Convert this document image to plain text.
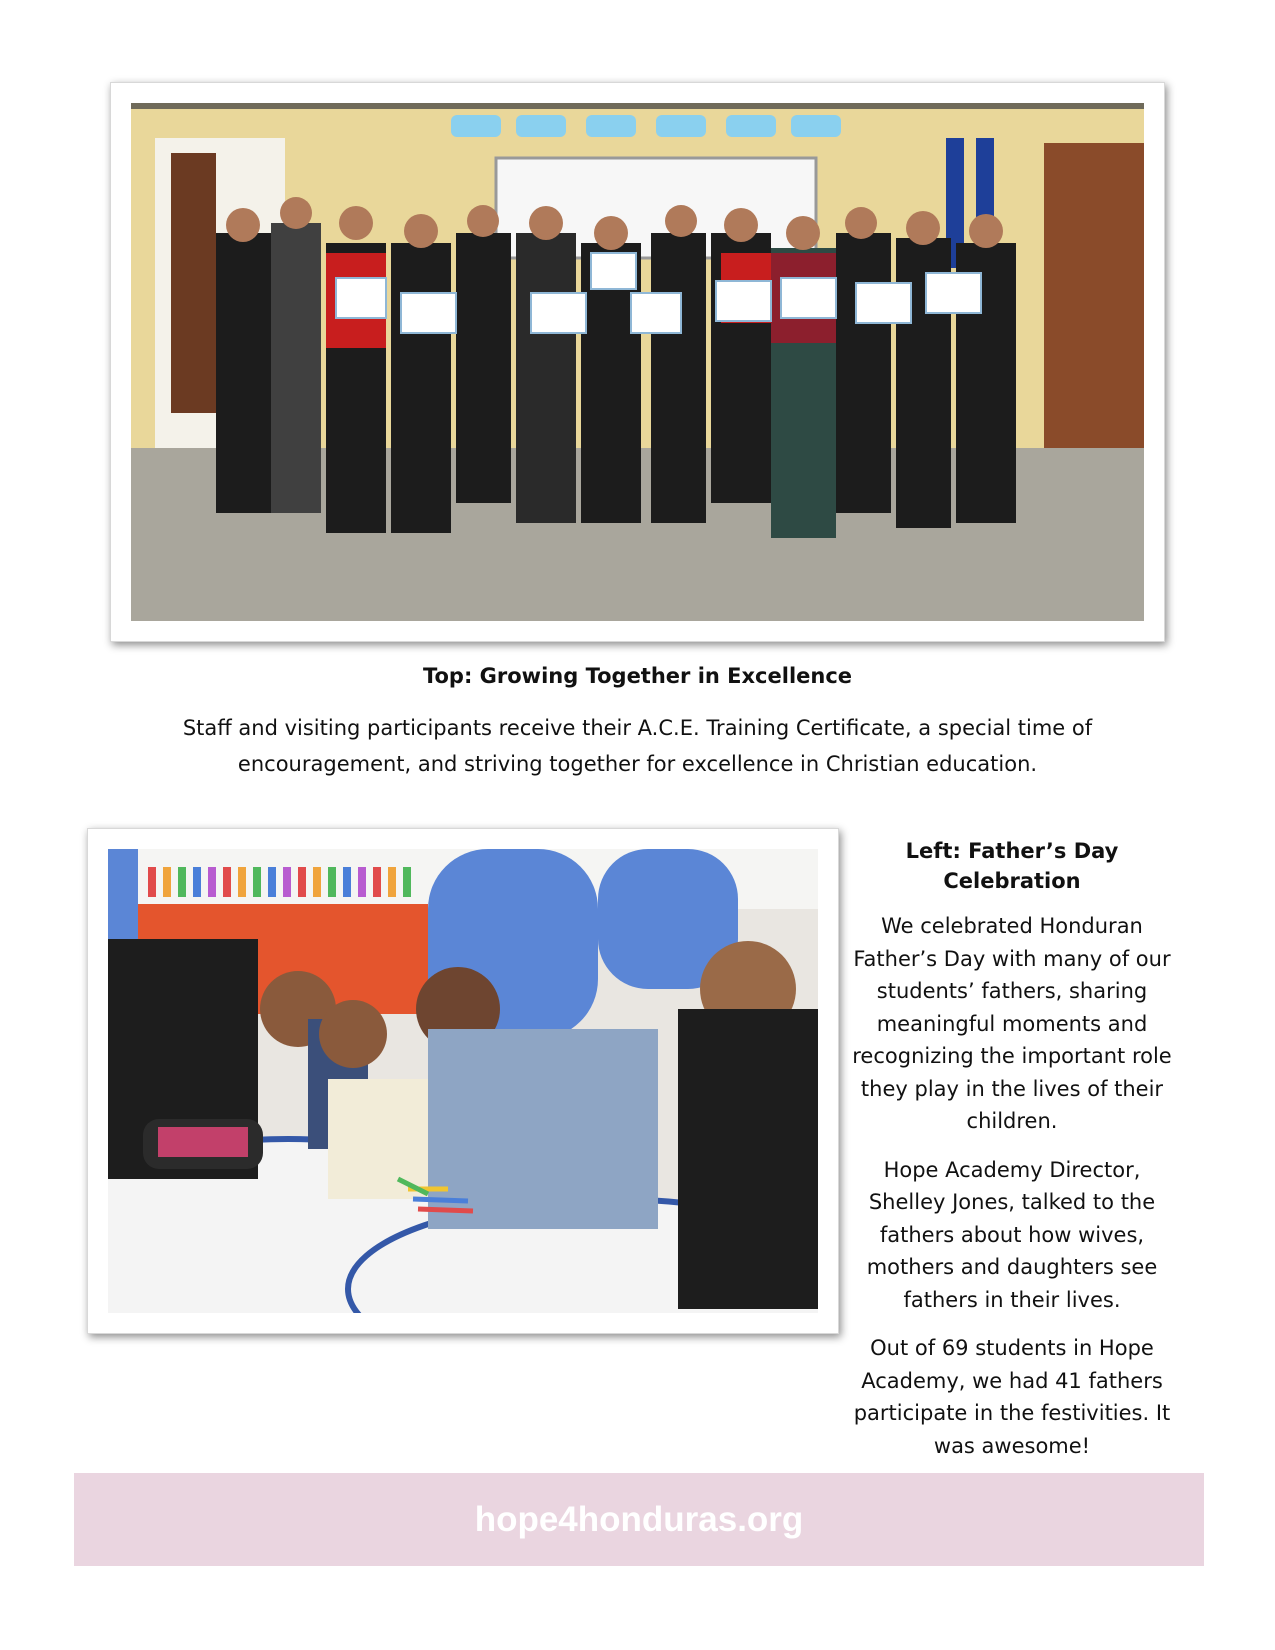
Top: Growing Together in Excellence
Staff and visiting participants receive their A.C.E. Training Certificate, a special time of encouragement, and striving together for excellence in Christian education.
Left: Father’s Day Celebration

We celebrated Honduran Father’s Day with many of our students’ fathers, sharing meaningful moments and recognizing the important role they play in the lives of their children.

Hope Academy Director, Shelley Jones, talked to the fathers about how wives, mothers and daughters see fathers in their lives.

Out of 69 students in Hope Academy, we had 41 fathers participate in the festivities. It was awesome!

hope4honduras.org
